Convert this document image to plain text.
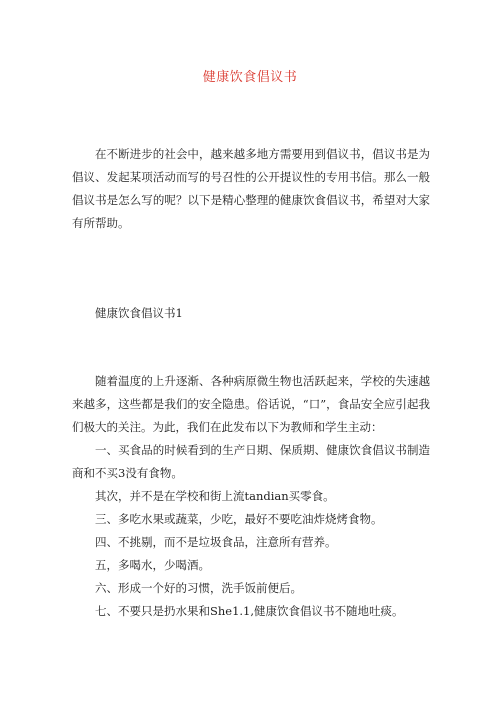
健康饮食倡议书

在不断进步的社会中，越来越多地方需要用到倡议书，倡议书是为倡议、发起某项活动而写的号召性的公开提议性的专用书信。那么一般倡议书是怎么写的呢？以下是精心整理的健康饮食倡议书，希望对大家有所帮助。

健康饮食倡议书1

随着温度的上升逐渐、各种病原微生物也活跃起来，学校的失速越来越多，这些都是我们的安全隐患。俗话说，“口”，食品安全应引起我们极大的关注。为此，我们在此发布以下为教师和学生主动：

一、买食品的时候看到的生产日期、保质期、健康饮食倡议书制造商和不买3没有食物。

其次，并不是在学校和街上流tandian买零食。

三、多吃水果或蔬菜，少吃，最好不要吃油炸烧烤食物。

四、不挑剔，而不是垃圾食品，注意所有营养。

五，多喝水，少喝酒。

六、形成一个好的习惯，洗手饭前便后。

七、不要只是扔水果和She1.1,健康饮食倡议书不随地吐痰。
